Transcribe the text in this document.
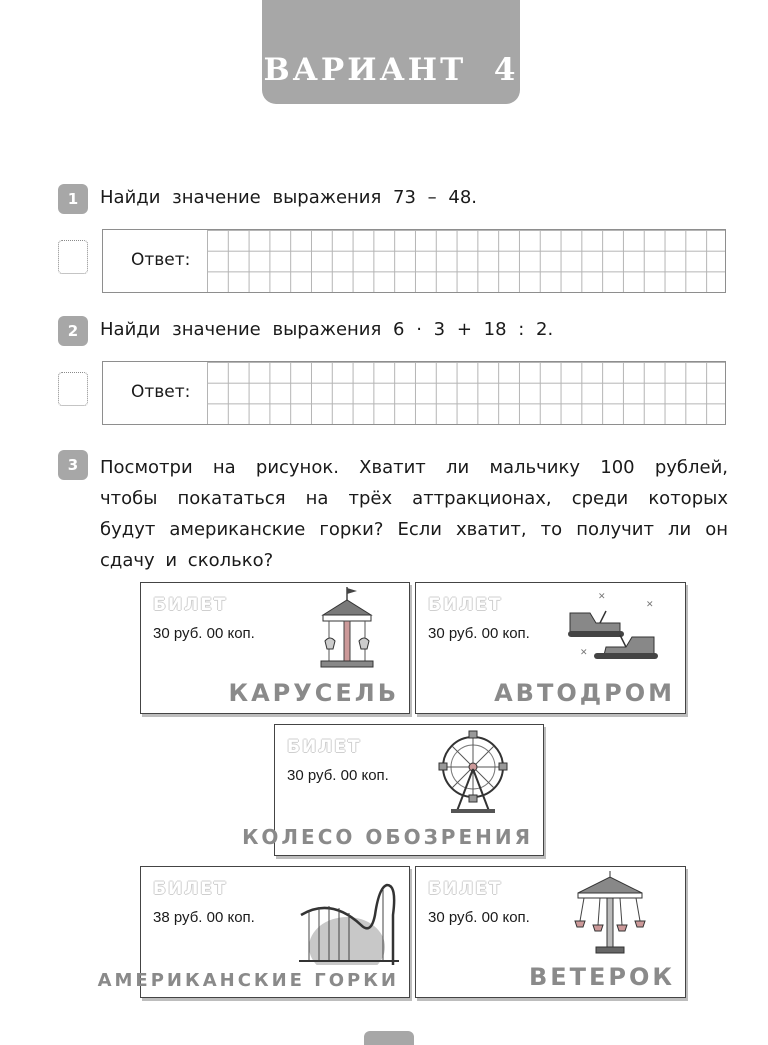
ВАРИАНТ 4
1	Найди значение выражения 73 – 48.
Ответ:
2	Найди значение выражения 6 · 3 + 18 : 2.
Ответ:
3	Посмотри на рисунок. Хватит ли мальчику 100 рублей, чтобы покататься на трёх аттракционах, среди которых будут американские горки? Если хватит, то получит ли он сдачу и сколько?
БИЛЕТ
30 руб. 00 коп.
КАРУСЕЛЬ
БИЛЕТ
30 руб. 00 коп.
✕
✕
✕
АВТОДРОМ
БИЛЕТ
30 руб. 00 коп.
КОЛЕСО ОБОЗРЕНИЯ
БИЛЕТ
38 руб. 00 коп.
АМЕРИКАНСКИЕ ГОРКИ
БИЛЕТ
30 руб. 00 коп.
ВЕТЕРОК
